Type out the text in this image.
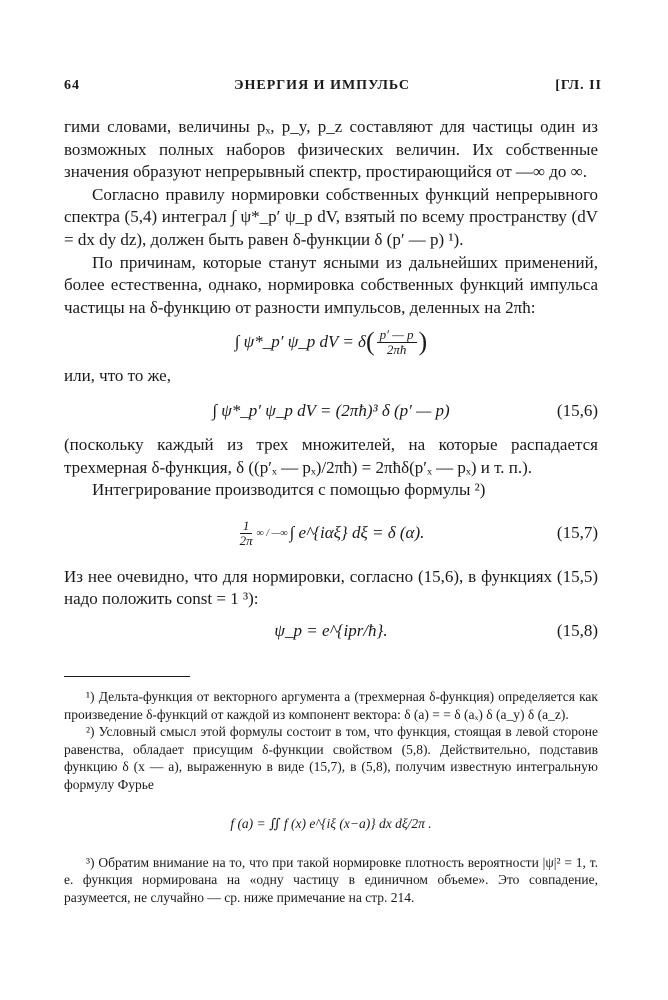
64	ЭНЕРГИЯ И ИМПУЛЬС	[ГЛ. II

гими словами, величины pₓ, p_y, p_z составляют для частицы один из возможных полных наборов физических величин. Их собственные значения образуют непрерывный спектр, простирающийся от —∞ до ∞.

Согласно правилу нормировки собственных функций непрерывного спектра (5,4) интеграл ∫ ψ*_p′ ψ_p dV, взятый по всему пространству (dV = dx dy dz), должен быть равен δ-функции δ (p′ — p) ¹).

По причинам, которые станут ясными из дальнейших применений, более естественна, однако, нормировка собственных функций импульса частицы на δ-функцию от разности импульсов, деленных на 2πħ:

∫ ψ*_p′ ψ_p dV = δ ( $\frac{p' — p}{2\pi ħ}$ )

или, что то же,

∫ ψ*_p′ ψ_p dV = (2πħ)³ δ (p′ — p)	(15,6)

(поскольку каждый из трех множителей, на которые распадается трехмерная δ-функция, δ ((p′ₓ — pₓ)/2πħ) = 2πħδ(p′ₓ — pₓ) и т. п.).

Интегрирование производится с помощью формулы ²)

$\frac{1}{2\pi}$ ∞ / —∞ ∫ e^{iαξ} dξ = δ (α).	(15,7)

Из нее очевидно, что для нормировки, согласно (15,6), в функциях (15,5) надо положить const = 1 ³):

ψ_p = e^{ipr/ħ}.	(15,8)

¹) Дельта-функция от векторного аргумента a (трехмерная δ-функция) определяется как произведение δ-функций от каждой из компонент вектора: δ (a) = = δ (aₓ) δ (a_y) δ (a_z).

²) Условный смысл этой формулы состоит в том, что функция, стоящая в левой стороне равенства, обладает присущим δ-функции свойством (5,8). Действительно, подставив функцию δ (x — a), выраженную в виде (15,7), в (5,8), получим известную интегральную формулу Фурье

f (a) = ∬ f (x) e^{iξ (x−a)} dx dξ/2π .

³) Обратим внимание на то, что при такой нормировке плотность вероятности |ψ|² = 1, т. е. функция нормирована на «одну частицу в единичном объеме». Это совпадение, разумеется, не случайно — ср. ниже примечание на стр. 214.
